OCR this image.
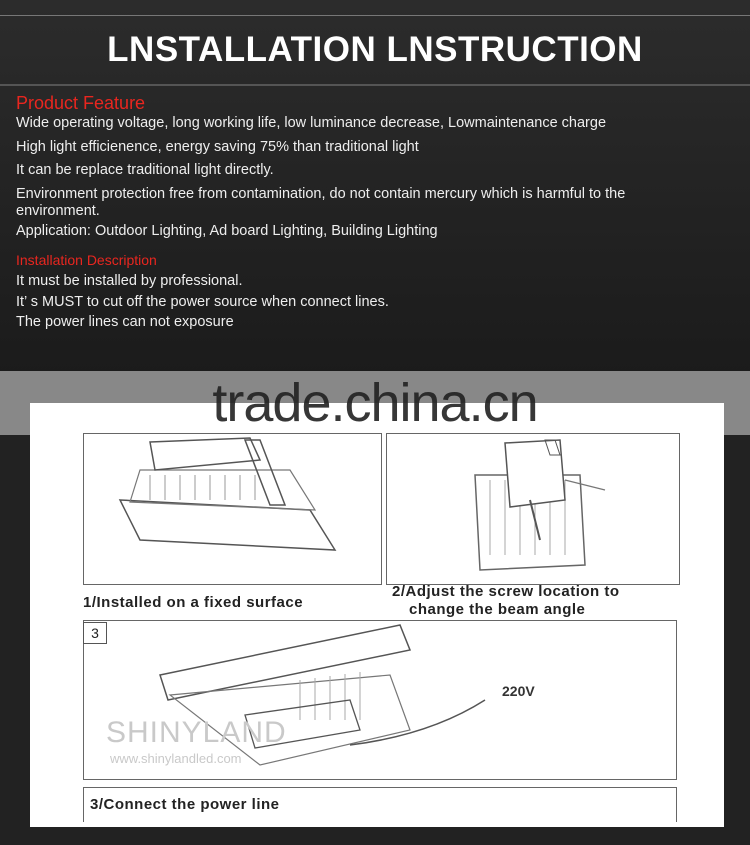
LNSTALLATION LNSTRUCTION
Product Feature
Wide operating voltage, long working life, low luminance decrease, Lowmaintenance charge
High light efficienence, energy saving 75% than traditional light
It can be replace traditional light directly.
Environment protection free from contamination, do not contain mercury which is harmful to the environment.
Application: Outdoor Lighting, Ad board Lighting, Building Lighting
Installation Description
It must be installed by professional.
It’ s MUST to cut off the power source when connect lines.
The power lines can not exposure
trade.china.cn
1/Installed on a fixed surface
2/Adjust the screw location to
change the beam angle
3
220V
SHINYLAND
www.shinylandled.com
3/Connect the power line
